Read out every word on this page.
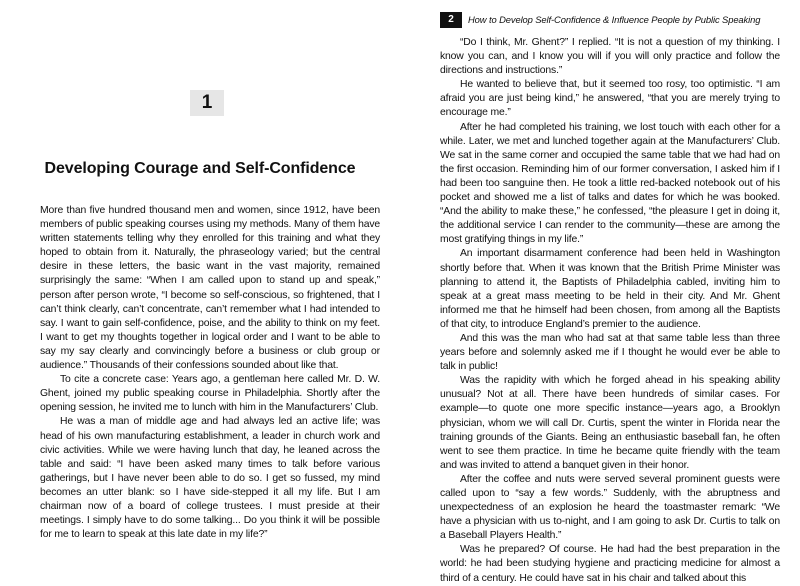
1
Developing Courage and Self-Confidence

More than five hundred thousand men and women, since 1912, have been members of public speaking courses using my methods. Many of them have written statements telling why they enrolled for this training and what they hoped to obtain from it. Naturally, the phraseology varied; but the central desire in these letters, the basic want in the vast majority, remained surprisingly the same: “When I am called upon to stand up and speak,” person after person wrote, “I become so self-conscious, so frightened, that I can’t think clearly, can’t concentrate, can’t remember what I had intended to say. I want to gain self-confidence, poise, and the ability to think on my feet. I want to get my thoughts together in logical order and I want to be able to say my say clearly and convincingly before a business or club group or audience.” Thousands of their confessions sounded about like that.

To cite a concrete case: Years ago, a gentleman here called Mr. D. W. Ghent, joined my public speaking course in Philadelphia. Shortly after the opening session, he invited me to lunch with him in the Manufacturers’ Club.

He was a man of middle age and had always led an active life; was head of his own manufacturing establishment, a leader in church work and civic activities. While we were having lunch that day, he leaned across the table and said: “I have been asked many times to talk before various gatherings, but I have never been able to do so. I get so fussed, my mind becomes an utter blank: so I have side-stepped it all my life. But I am chairman now of a board of college trustees. I must preside at their meetings. I simply have to do some talking... Do you think it will be possible for me to learn to speak at this late date in my life?”

2	How to Develop Self-Confidence & Influence People by Public Speaking

“Do I think, Mr. Ghent?” I replied. “It is not a question of my thinking. I know you can, and I know you will if you will only practice and follow the directions and instructions.”

He wanted to believe that, but it seemed too rosy, too optimistic. “I am afraid you are just being kind,” he answered, “that you are merely trying to encourage me.”

After he had completed his training, we lost touch with each other for a while. Later, we met and lunched together again at the Manufacturers’ Club. We sat in the same corner and occupied the same table that we had had on the first occasion. Reminding him of our former conversation, I asked him if I had been too sanguine then. He took a little red-backed notebook out of his pocket and showed me a list of talks and dates for which he was booked. “And the ability to make these,” he confessed, “the pleasure I get in doing it, the additional service I can render to the community—these are among the most gratifying things in my life.”

An important disarmament conference had been held in Washington shortly before that. When it was known that the British Prime Minister was planning to attend it, the Baptists of Philadelphia cabled, inviting him to speak at a great mass meeting to be held in their city. And Mr. Ghent informed me that he himself had been chosen, from among all the Baptists of that city, to introduce England’s premier to the audience.

And this was the man who had sat at that same table less than three years before and solemnly asked me if I thought he would ever be able to talk in public!

Was the rapidity with which he forged ahead in his speaking ability unusual? Not at all. There have been hundreds of similar cases. For example—to quote one more specific instance—years ago, a Brooklyn physician, whom we will call Dr. Curtis, spent the winter in Florida near the training grounds of the Giants. Being an enthusiastic baseball fan, he often went to see them practice. In time he became quite friendly with the team and was invited to attend a banquet given in their honor.

After the coffee and nuts were served several prominent guests were called upon to “say a few words.” Suddenly, with the abruptness and unexpectedness of an explosion he heard the toastmaster remark: “We have a physician with us to-night, and I am going to ask Dr. Curtis to talk on a Baseball Players Health.”

Was he prepared? Of course. He had had the best preparation in the world: he had been studying hygiene and practicing medicine for almost a third of a century. He could have sat in his chair and talked about this
